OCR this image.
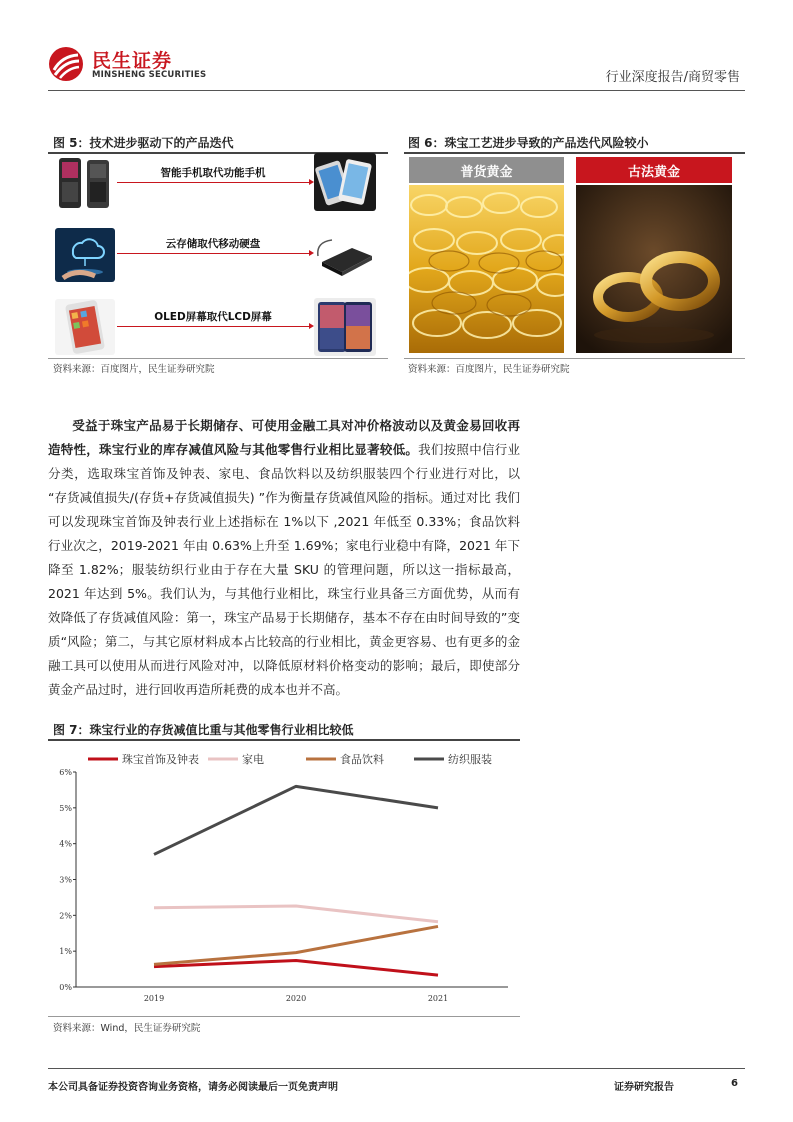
民生证券
MINSHENG SECURITIES	行业深度报告/商贸零售
图 5：技术进步驱动下的产品迭代
智能手机取代功能手机
云存储取代移动硬盘
OLED屏幕取代LCD屏幕
资料来源：百度图片，民生证券研究院
图 6：珠宝工艺进步导致的产品迭代风险较小
普货黄金	古法黄金
资料来源：百度图片，民生证券研究院
受益于珠宝产品易于长期储存、可使用金融工具对冲价格波动以及黄金易回收再造特性，珠宝行业的库存减值风险与其他零售行业相比显著较低。我们按照中信行业分类，选取珠宝首饰及钟表、家电、食品饮料以及纺织服装四个行业进行对比，以 “存货减值损失/(存货+存货减值损失) ”作为衡量存货减值风险的指标。通过对比 我们可以发现珠宝首饰及钟表行业上述指标在 1%以下 ,2021 年低至 0.33%；食品饮料行业次之，2019-2021 年由 0.63%上升至 1.69%；家电行业稳中有降，2021 年下降至 1.82%；服装纺织行业由于存在大量 SKU 的管理问题，所以这一指标最高，2021 年达到 5%。我们认为，与其他行业相比，珠宝行业具备三方面优势，从而有效降低了存货减值风险：第一，珠宝产品易于长期储存，基本不存在由时间导致的”变质“风险；第二，与其它原材料成本占比较高的行业相比，黄金更容易、也有更多的金融工具可以使用从而进行风险对冲，以降低原材料价格变动的影响；最后，即使部分黄金产品过时，进行回收再造所耗费的成本也并不高。
图 7：珠宝行业的存货减值比重与其他零售行业相比较低
珠宝首饰及钟表	家电	食品饮料	纺织服装
0%
1%
2%
3%
4%
5%
6%
2019	2020	2021
资料来源：Wind，民生证券研究院
本公司具备证券投资咨询业务资格，请务必阅读最后一页免责声明	证券研究报告	6
